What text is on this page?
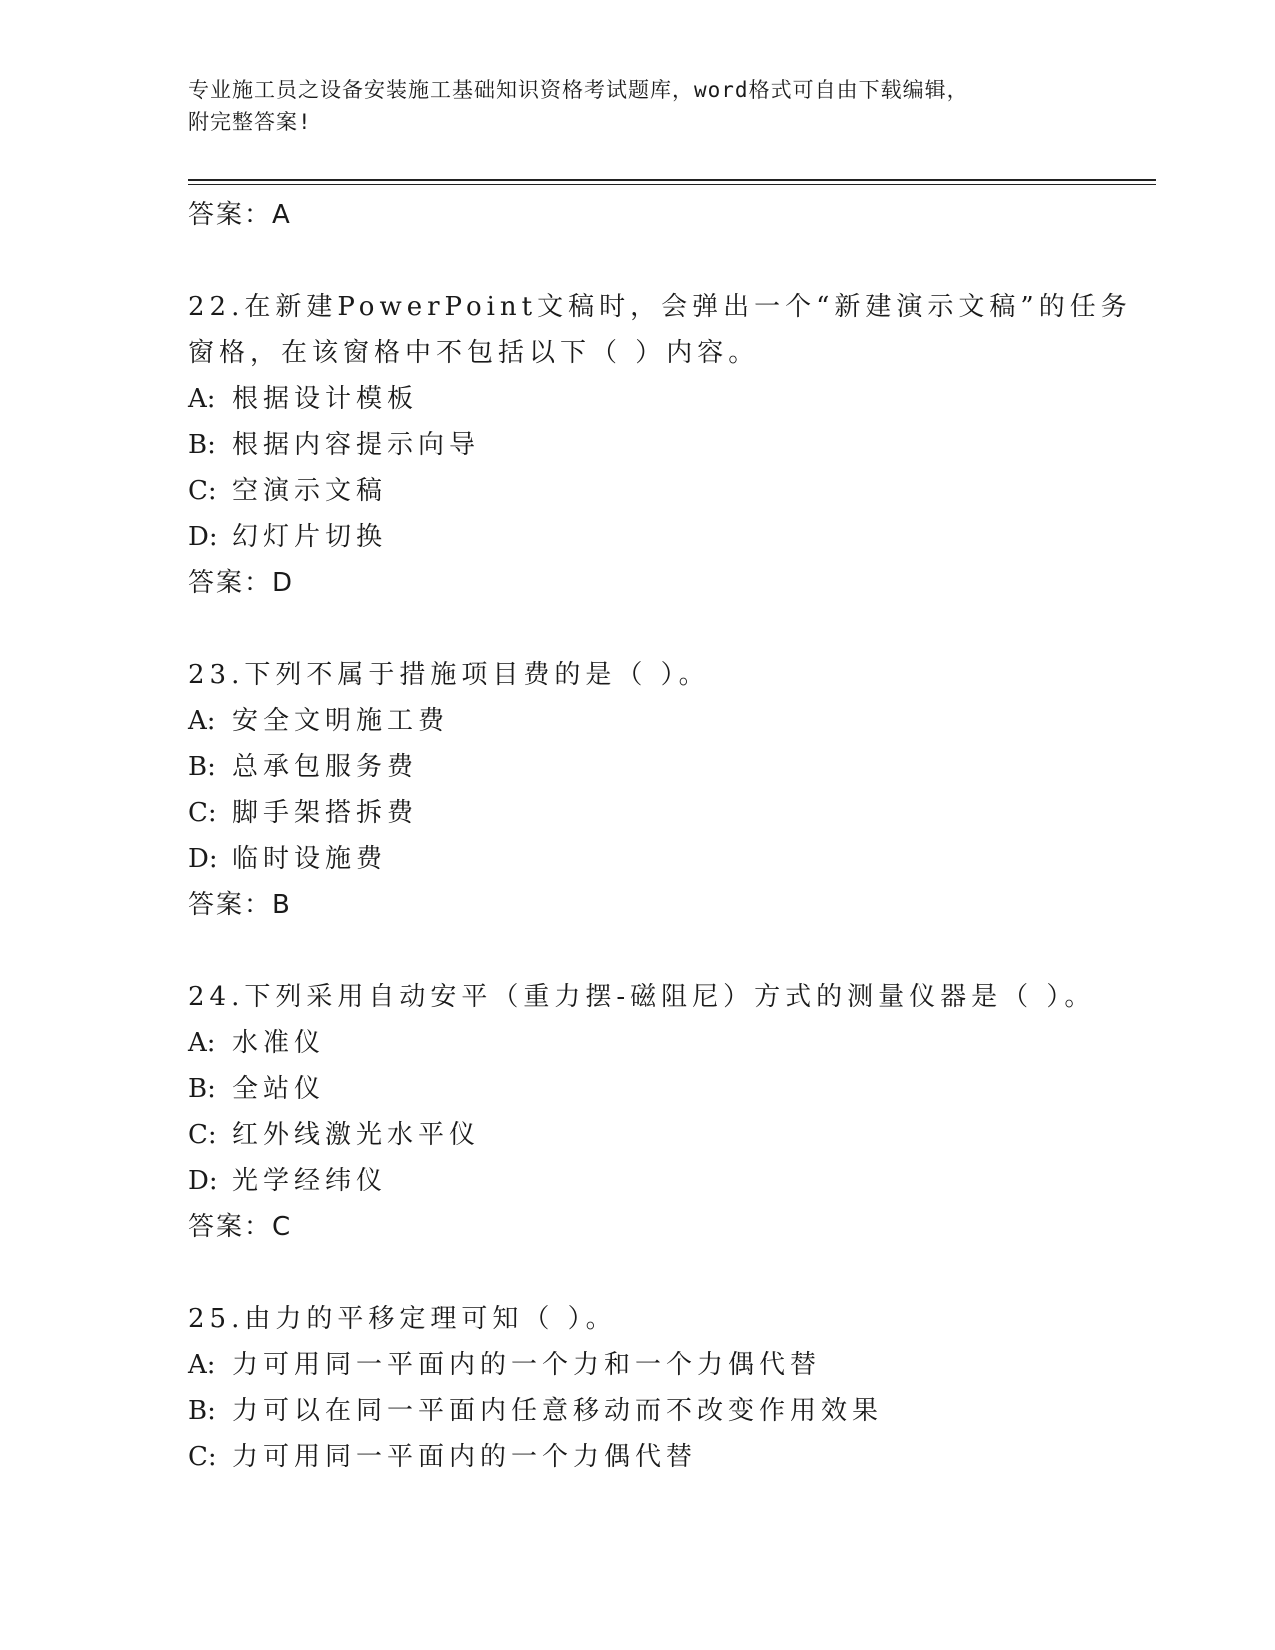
专业施工员之设备安装施工基础知识资格考试题库，word格式可自由下载编辑，
附完整答案!
答案：A
22.在新建PowerPoint文稿时，会弹出一个“新建演示文稿”的任务
窗格，在该窗格中不包括以下（ ）内容。
A: 根据设计模板
B: 根据内容提示向导
C: 空演示文稿
D: 幻灯片切换
答案：D
23.下列不属于措施项目费的是（ ）。
A: 安全文明施工费
B: 总承包服务费
C: 脚手架搭拆费
D: 临时设施费
答案：B
24.下列采用自动安平（重力摆-磁阻尼）方式的测量仪器是（ ）。
A: 水准仪
B: 全站仪
C: 红外线激光水平仪
D: 光学经纬仪
答案：C
25.由力的平移定理可知（ ）。
A: 力可用同一平面内的一个力和一个力偶代替
B: 力可以在同一平面内任意移动而不改变作用效果
C: 力可用同一平面内的一个力偶代替
